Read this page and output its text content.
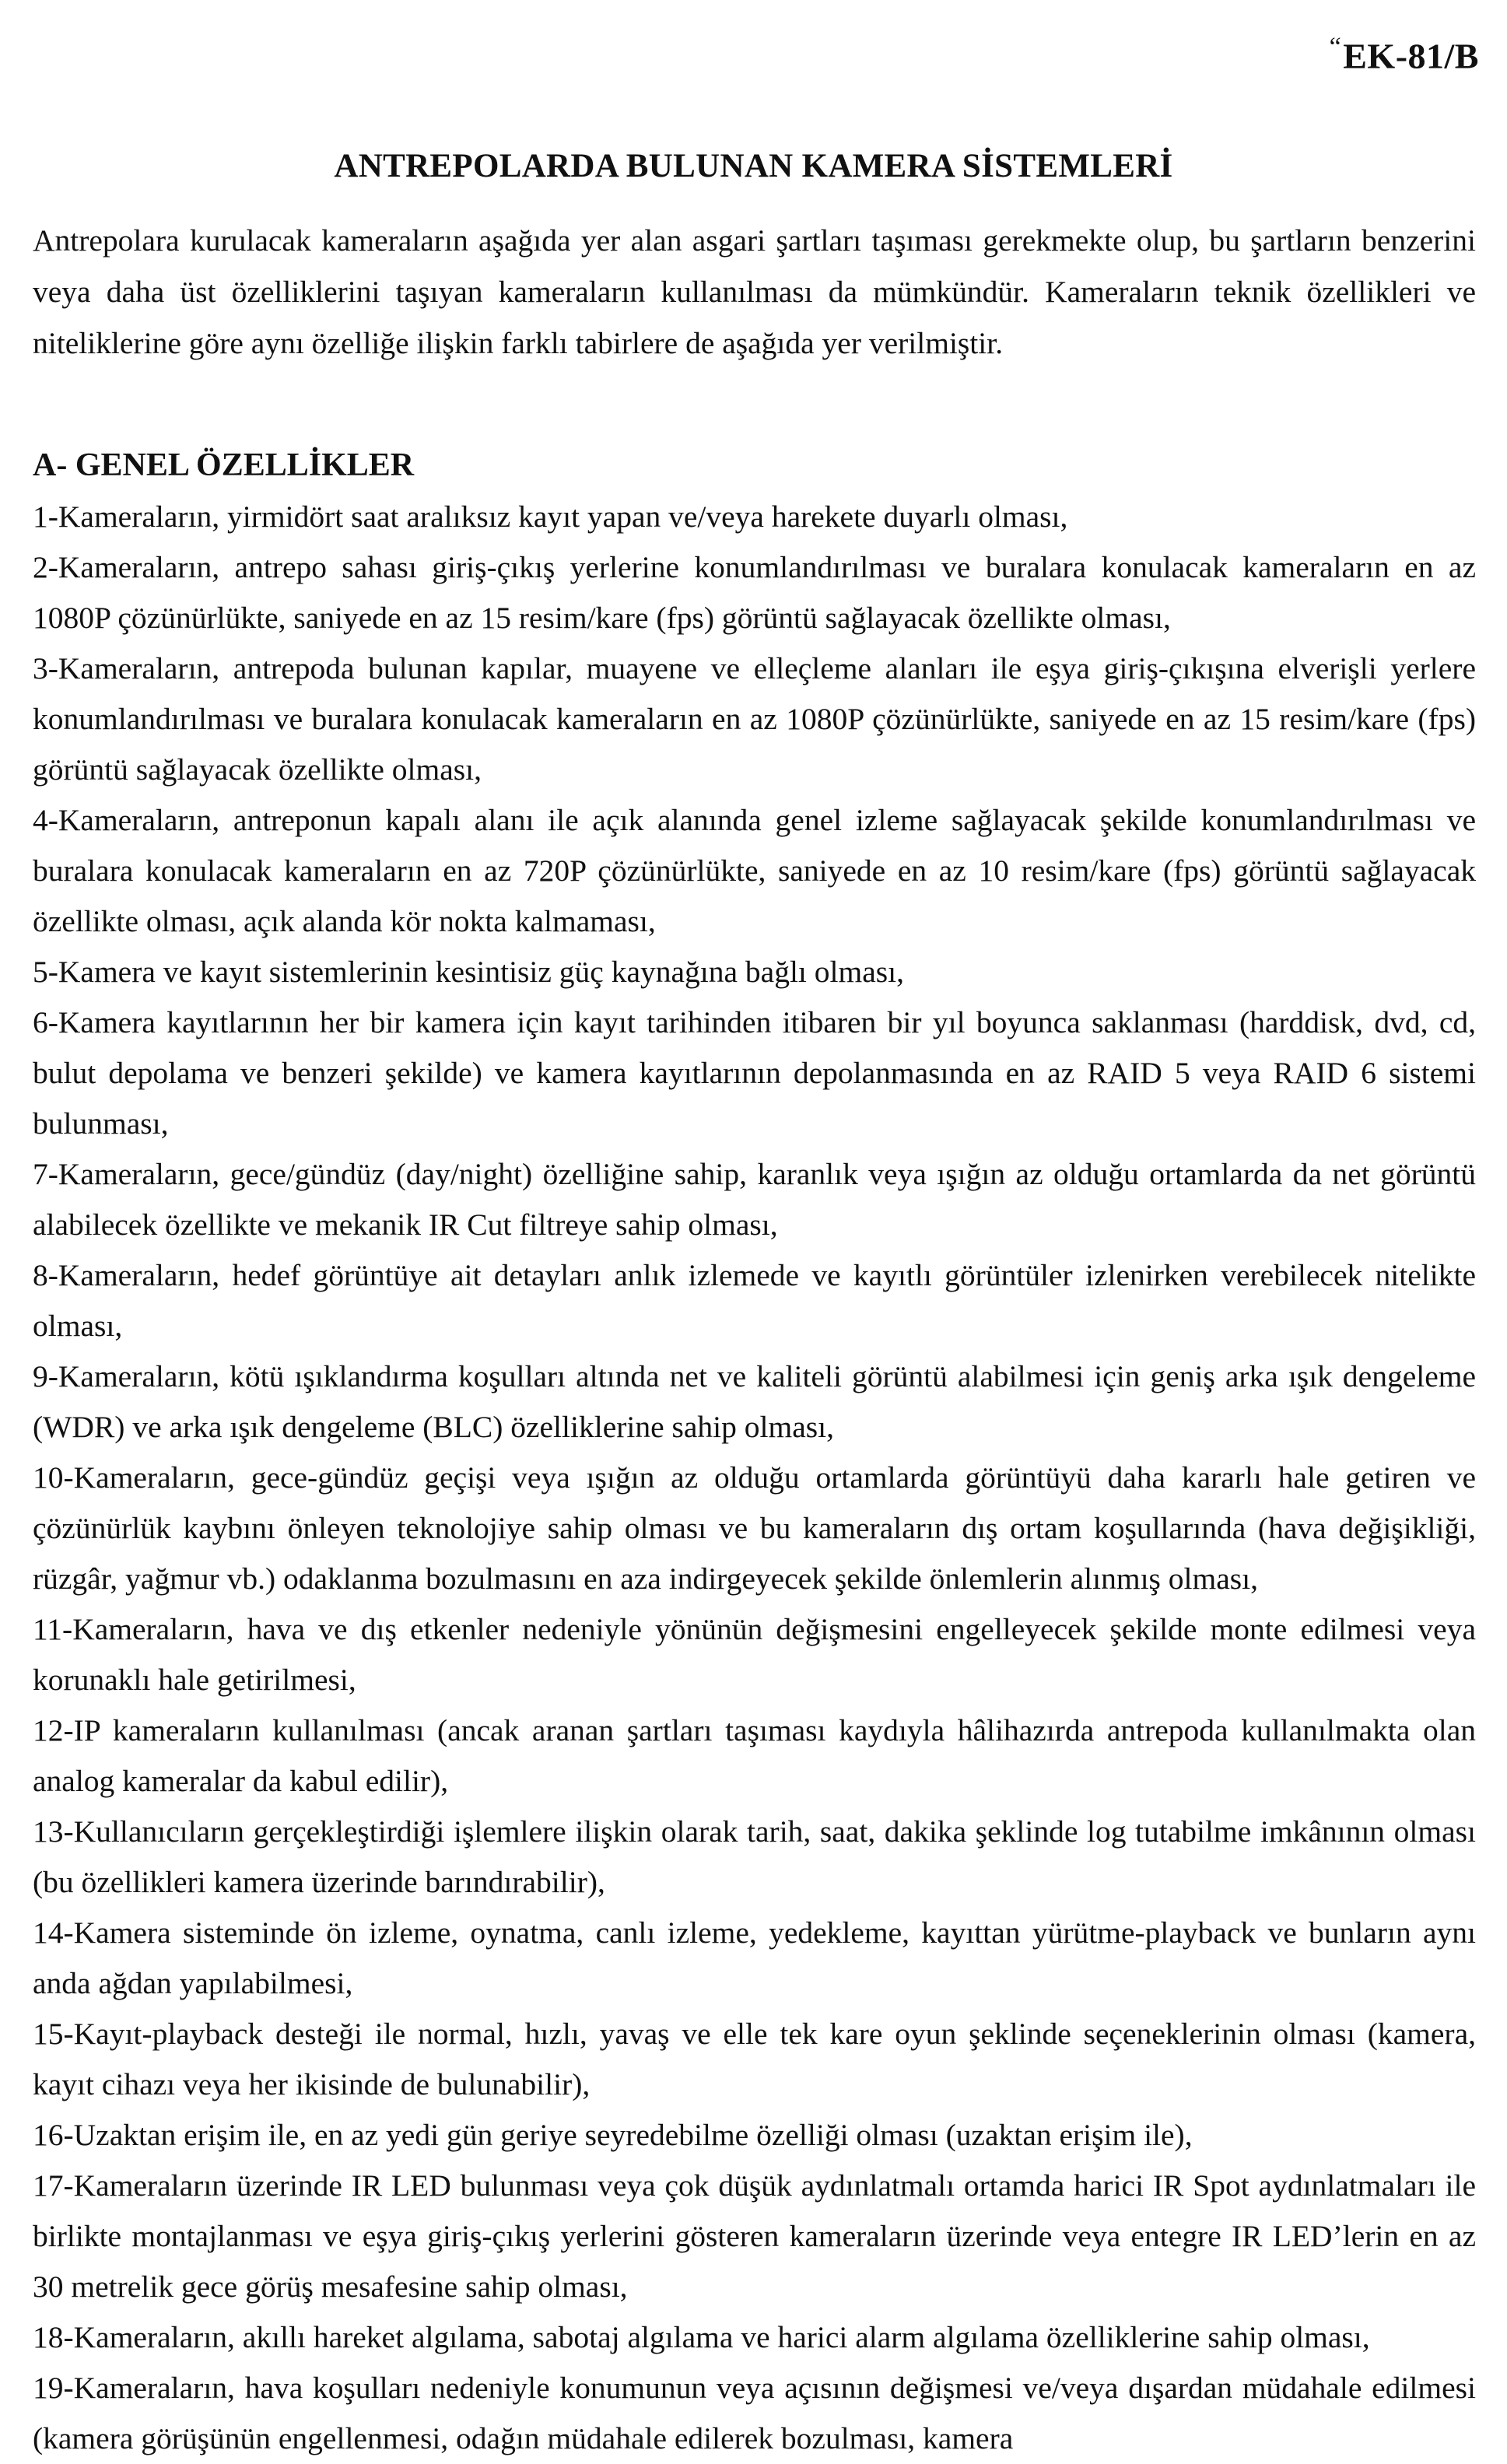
“EK-81/B
ANTREPOLARDA BULUNAN KAMERA SİSTEMLERİ

Antrepolara kurulacak kameraların aşağıda yer alan asgari şartları taşıması gerekmekte olup, bu şartların benzerini veya daha üst özelliklerini taşıyan kameraların kullanılması da mümkündür. Kameraların teknik özellikleri ve niteliklerine göre aynı özelliğe ilişkin farklı tabirlere de aşağıda yer verilmiştir.

A- GENEL ÖZELLİKLER
1-Kameraların, yirmidört saat aralıksız kayıt yapan ve/veya harekete duyarlı olması,
2-Kameraların, antrepo sahası giriş-çıkış yerlerine konumlandırılması ve buralara konulacak kameraların en az 1080P çözünürlükte, saniyede en az 15 resim/kare (fps) görüntü sağlayacak özellikte olması,
3-Kameraların, antrepoda bulunan kapılar, muayene ve elleçleme alanları ile eşya giriş-çıkışına elverişli yerlere konumlandırılması ve buralara konulacak kameraların en az 1080P çözünürlükte, saniyede en az 15 resim/kare (fps) görüntü sağlayacak özellikte olması,
4-Kameraların, antreponun kapalı alanı ile açık alanında genel izleme sağlayacak şekilde konumlandırılması ve buralara konulacak kameraların en az 720P çözünürlükte, saniyede en az 10 resim/kare (fps) görüntü sağlayacak özellikte olması, açık alanda kör nokta kalmaması,
5-Kamera ve kayıt sistemlerinin kesintisiz güç kaynağına bağlı olması,
6-Kamera kayıtlarının her bir kamera için kayıt tarihinden itibaren bir yıl boyunca saklanması (harddisk, dvd, cd, bulut depolama ve benzeri şekilde) ve kamera kayıtlarının depolanmasında en az RAID 5 veya RAID 6 sistemi bulunması,
7-Kameraların, gece/gündüz (day/night) özelliğine sahip, karanlık veya ışığın az olduğu ortamlarda da net görüntü alabilecek özellikte ve mekanik IR Cut filtreye sahip olması,
8-Kameraların, hedef görüntüye ait detayları anlık izlemede ve kayıtlı görüntüler izlenirken verebilecek nitelikte olması,
9-Kameraların, kötü ışıklandırma koşulları altında net ve kaliteli görüntü alabilmesi için geniş arka ışık dengeleme (WDR) ve arka ışık dengeleme (BLC) özelliklerine sahip olması,
10-Kameraların, gece-gündüz geçişi veya ışığın az olduğu ortamlarda görüntüyü daha kararlı hale getiren ve çözünürlük kaybını önleyen teknolojiye sahip olması ve bu kameraların dış ortam koşullarında (hava değişikliği, rüzgâr, yağmur vb.) odaklanma bozulmasını en aza indirgeyecek şekilde önlemlerin alınmış olması,
11-Kameraların, hava ve dış etkenler nedeniyle yönünün değişmesini engelleyecek şekilde monte edilmesi veya korunaklı hale getirilmesi,
12-IP kameraların kullanılması (ancak aranan şartları taşıması kaydıyla hâlihazırda antrepoda kullanılmakta olan analog kameralar da kabul edilir),
13-Kullanıcıların gerçekleştirdiği işlemlere ilişkin olarak tarih, saat, dakika şeklinde log tutabilme imkânının olması (bu özellikleri kamera üzerinde barındırabilir),
14-Kamera sisteminde ön izleme, oynatma, canlı izleme, yedekleme, kayıttan yürütme-playback ve bunların aynı anda ağdan yapılabilmesi,
15-Kayıt-playback desteği ile normal, hızlı, yavaş ve elle tek kare oyun şeklinde seçeneklerinin olması (kamera, kayıt cihazı veya her ikisinde de bulunabilir),
16-Uzaktan erişim ile, en az yedi gün geriye seyredebilme özelliği olması (uzaktan erişim ile),
17-Kameraların üzerinde IR LED bulunması veya çok düşük aydınlatmalı ortamda harici IR Spot aydınlatmaları ile birlikte montajlanması ve eşya giriş-çıkış yerlerini gösteren kameraların üzerinde veya entegre IR LED’lerin en az 30 metrelik gece görüş mesafesine sahip olması,
18-Kameraların, akıllı hareket algılama, sabotaj algılama ve harici alarm algılama özelliklerine sahip olması,
19-Kameraların, hava koşulları nedeniyle konumunun veya açısının değişmesi ve/veya dışardan müdahale edilmesi (kamera görüşünün engellenmesi, odağın müdahale edilerek bozulması, kamera
